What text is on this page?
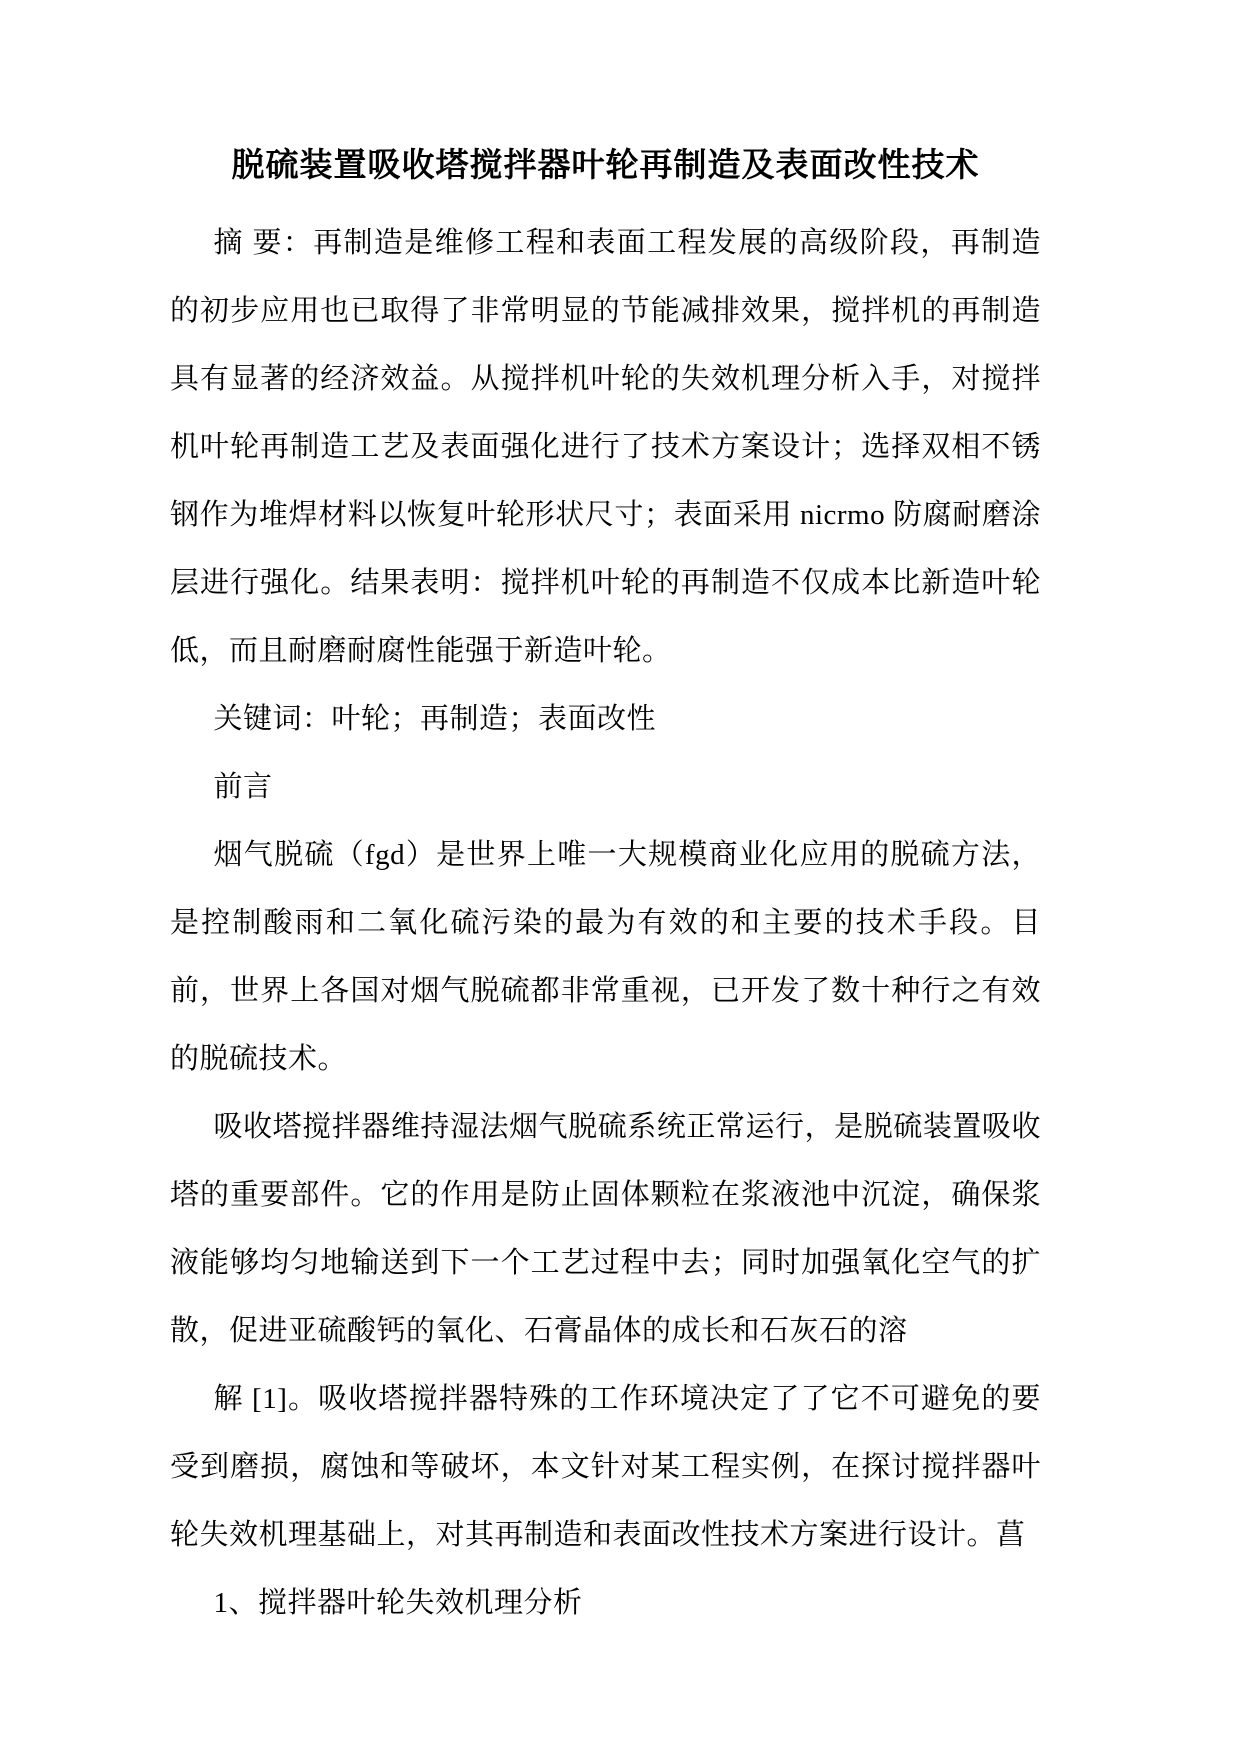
脱硫装置吸收塔搅拌器叶轮再制造及表面改性技术

摘 要：再制造是维修工程和表面工程发展的高级阶段，再制造的初步应用也已取得了非常明显的节能减排效果，搅拌机的再制造具有显著的经济效益。从搅拌机叶轮的失效机理分析入手，对搅拌机叶轮再制造工艺及表面强化进行了技术方案设计；选择双相不锈钢作为堆焊材料以恢复叶轮形状尺寸；表面采用 nicrmo 防腐耐磨涂层进行强化。结果表明：搅拌机叶轮的再制造不仅成本比新造叶轮低，而且耐磨耐腐性能强于新造叶轮。

关键词：叶轮；再制造；表面改性

前言

烟气脱硫（fgd）是世界上唯一大规模商业化应用的脱硫方法，是控制酸雨和二氧化硫污染的最为有效的和主要的技术手段。目前，世界上各国对烟气脱硫都非常重视，已开发了数十种行之有效的脱硫技术。

吸收塔搅拌器维持湿法烟气脱硫系统正常运行，是脱硫装置吸收塔的重要部件。它的作用是防止固体颗粒在浆液池中沉淀，确保浆液能够均匀地输送到下一个工艺过程中去；同时加强氧化空气的扩散，促进亚硫酸钙的氧化、石膏晶体的成长和石灰石的溶

解 [1]。吸收塔搅拌器特殊的工作环境决定了了它不可避免的要受到磨损，腐蚀和等破坏，本文针对某工程实例，在探讨搅拌器叶轮失效机理基础上，对其再制造和表面改性技术方案进行设计。菖

1、搅拌器叶轮失效机理分析
